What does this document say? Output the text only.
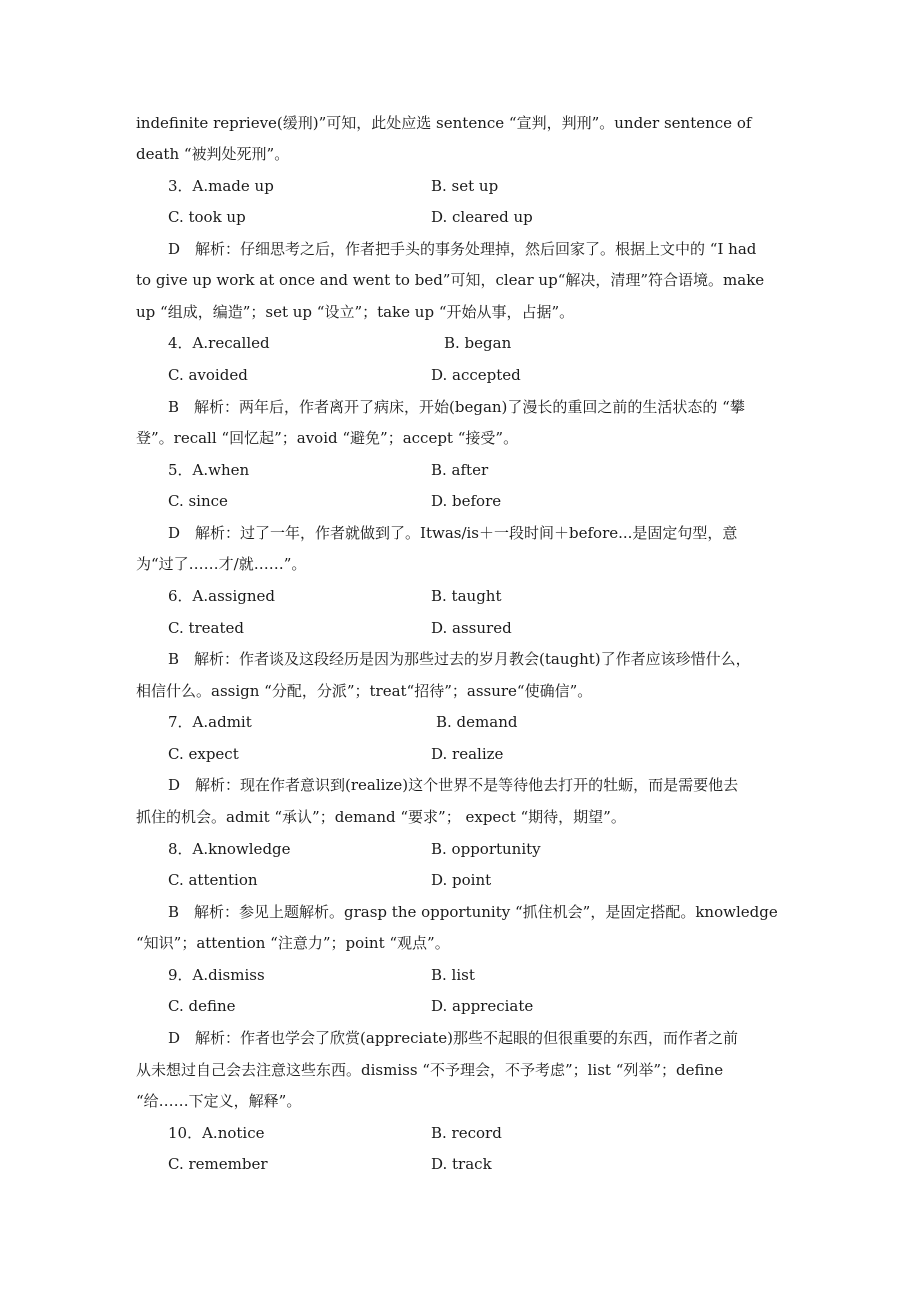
indefinite reprieve(缓刑)”可知，此处应选 sentence “宣判，判刑”。under sentence of
death “被判处死刑”。
3．A.made up	B. set up
C. took up	D. cleared up
D　解析：仔细思考之后，作者把手头的事务处理掉，然后回家了。根据上文中的 “I had
to give up work at once and went to bed”可知，clear up“解决，清理”符合语境。make
up “组成，编造”；set up “设立”；take up “开始从事，占据”。
4．A.recalled	B. began
C. avoided	D. accepted
B　解析：两年后，作者离开了病床，开始(began)了漫长的重回之前的生活状态的 “攀
登”。recall “回忆起”；avoid “避免”；accept “接受”。
5．A.when	B. after
C. since	D. before
D　解析：过了一年，作者就做到了。Itwas/is＋一段时间＋before...是固定句型，意
为“过了……才/就……”。
6．A.assigned	B. taught
C. treated	D. assured
B　解析：作者谈及这段经历是因为那些过去的岁月教会(taught)了作者应该珍惜什么，
相信什么。assign “分配，分派”；treat“招待”；assure“使确信”。
7．A.admit	B. demand
C. expect	D. realize
D　解析：现在作者意识到(realize)这个世界不是等待他去打开的牡蛎，而是需要他去
抓住的机会。admit “承认”；demand “要求”； expect “期待，期望”。
8．A.knowledge	B. opportunity
C. attention	D. point
B　解析：参见上题解析。grasp the opportunity “抓住机会”，是固定搭配。knowledge
“知识”；attention “注意力”；point “观点”。
9．A.dismiss	B. list
C. define	D. appreciate
D　解析：作者也学会了欣赏(appreciate)那些不起眼的但很重要的东西，而作者之前
从未想过自己会去注意这些东西。dismiss “不予理会，不予考虑”；list “列举”；define
“给……下定义，解释”。
10．A.notice	B. record
C. remember	D. track
